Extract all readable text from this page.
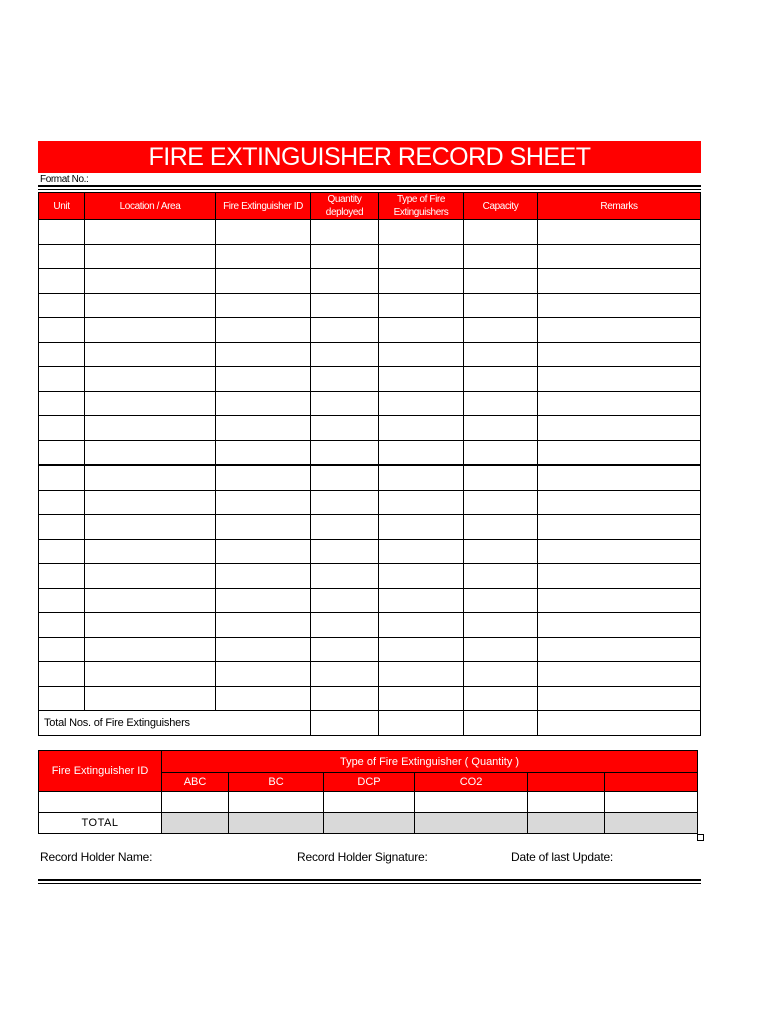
FIRE EXTINGUISHER RECORD SHEET
Format No.:
Unit	Location / Area	Fire Extinguisher ID	Quantity deployed	Type of Fire Extinguishers	Capacity	Remarks

Total Nos. of Fire Extinguishers						
Fire Extinguisher ID	Type of Fire Extinguisher ( Quantity )					
	ABC	BC	DCP	CO2		

TOTAL						
Record Holder Name:	Record Holder Signature:	Date of last Update:
